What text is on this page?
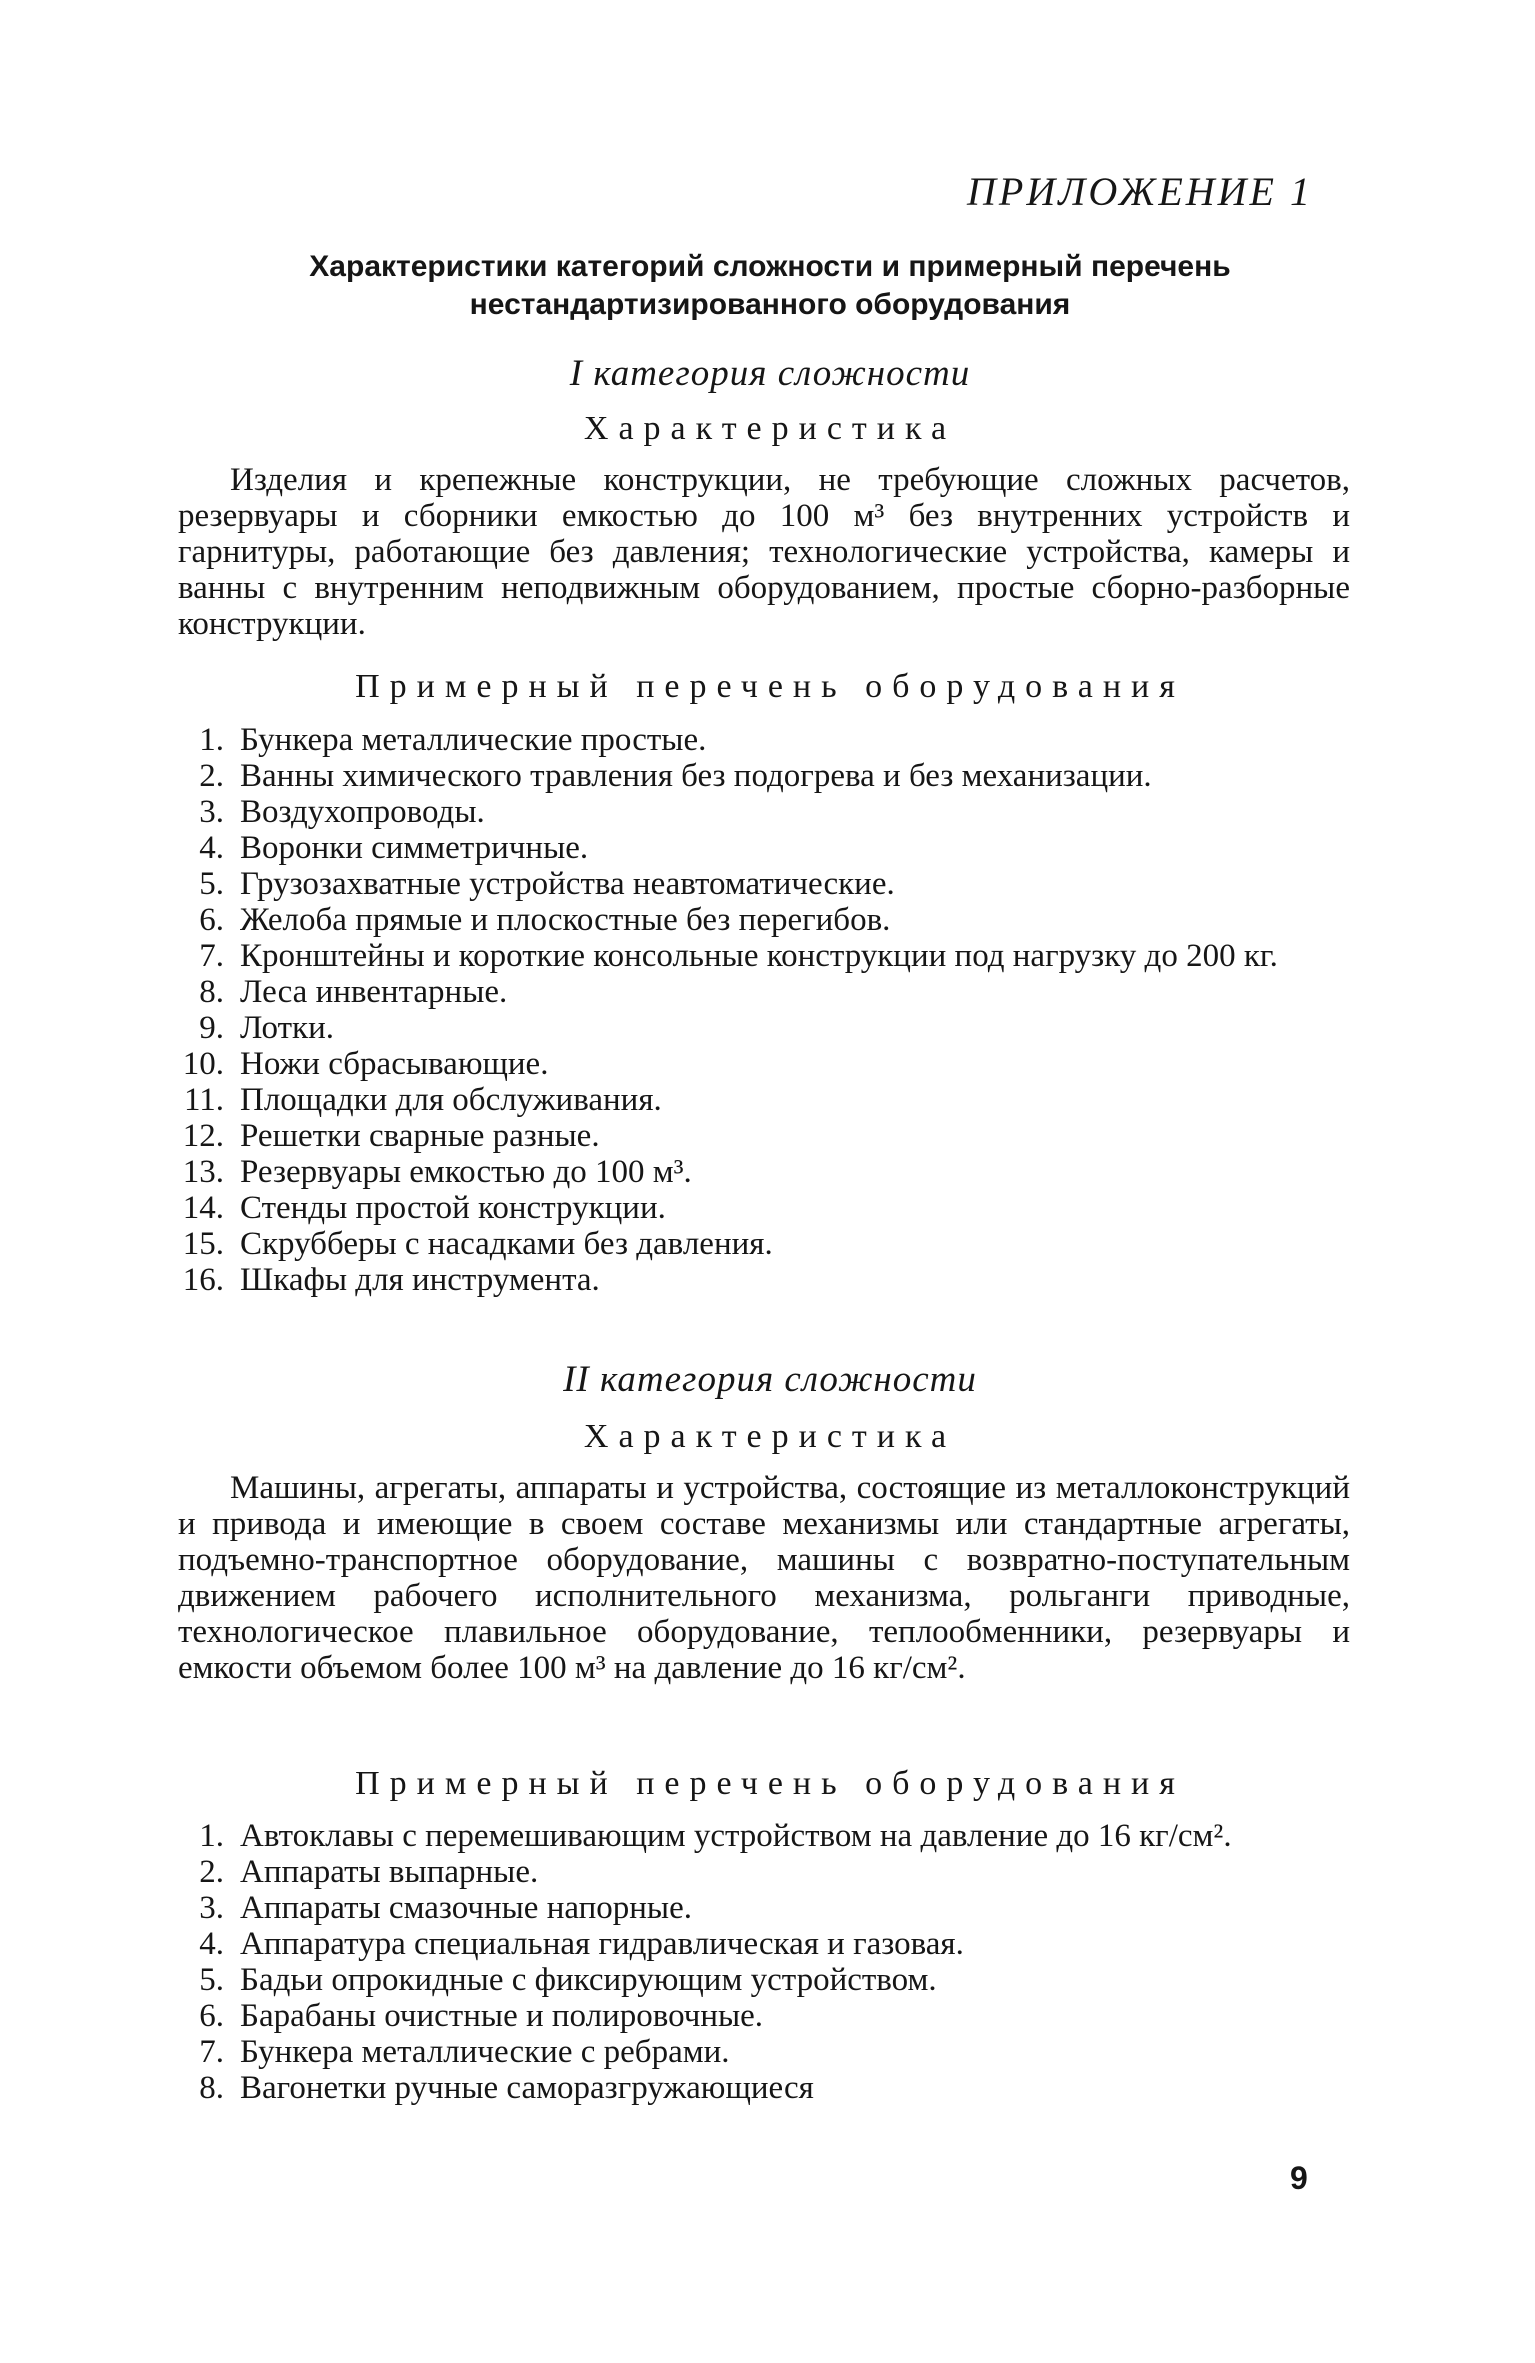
ПРИЛОЖЕНИЕ 1
Характеристики категорий сложности и примерный перечень
нестандартизированного оборудования
I категория сложности
Характеристика
Изделия и крепежные конструкции, не требующие сложных расчетов, резервуары и сборники емкостью до 100 м³ без внутренних устройств и гарнитуры, работающие без давления; технологические устройства, камеры и ванны с внутренним неподвижным оборудованием, простые сборно-разборные конструкции.
Примерный перечень оборудования
1. Бункера металлические простые.
2. Ванны химического травления без подогрева и без механизации.
3. Воздухопроводы.
4. Воронки симметричные.
5. Грузозахватные устройства неавтоматические.
6. Желоба прямые и плоскостные без перегибов.
7. Кронштейны и короткие консольные конструкции под нагрузку до 200 кг.
8. Леса инвентарные.
9. Лотки.
10. Ножи сбрасывающие.
11. Площадки для обслуживания.
12. Решетки сварные разные.
13. Резервуары емкостью до 100 м³.
14. Стенды простой конструкции.
15. Скрубберы с насадками без давления.
16. Шкафы для инструмента.
II категория сложности
Характеристика
Машины, агрегаты, аппараты и устройства, состоящие из металлоконструкций и привода и имеющие в своем составе механизмы или стандартные агрегаты, подъемно-транспортное оборудование, машины с возвратно-поступательным движением рабочего исполнительного механизма, рольганги приводные, технологическое плавильное оборудование, теплообменники, резервуары и емкости объемом более 100 м³ на давление до 16 кг/см².
Примерный перечень оборудования
1. Автоклавы с перемешивающим устройством на давление до 16 кг/см².
2. Аппараты выпарные.
3. Аппараты смазочные напорные.
4. Аппаратура специальная гидравлическая и газовая.
5. Бадьи опрокидные с фиксирующим устройством.
6. Барабаны очистные и полировочные.
7. Бункера металлические с ребрами.
8. Вагонетки ручные саморазгружающиеся
9
